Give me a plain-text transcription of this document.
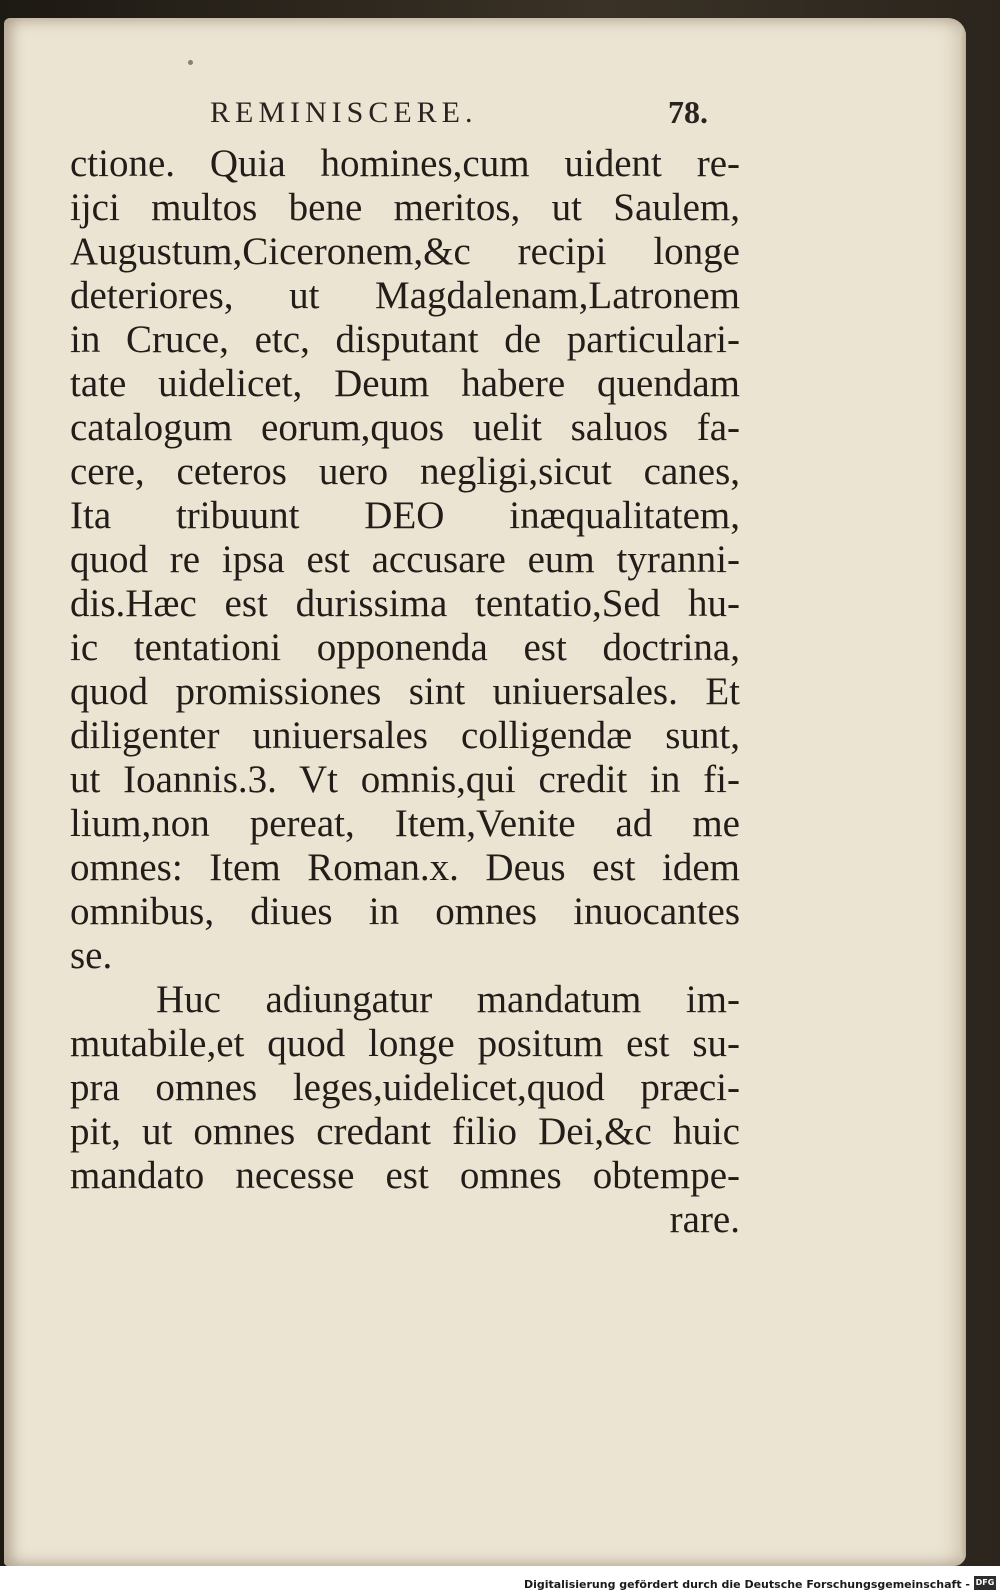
REMINISCERE.	78.
ctione. Quia homines,cum uident re-
ijci multos bene meritos, ut Saulem,
Augustum,Ciceronem,&c recipi longe
deteriores, ut Magdalenam,Latronem
in Cruce, etc, disputant de particulari-
tate uidelicet, Deum habere quendam
catalogum eorum,quos uelit saluos fa-
cere, ceteros uero negligi,sicut canes,
Ita tribuunt DEO inæqualitatem,
quod re ipsa est accusare eum tyranni-
dis.Hæc est durissima tentatio,Sed hu-
ic tentationi opponenda est doctrina,
quod promissiones sint uniuersales. Et
diligenter uniuersales colligendæ sunt,
ut Ioannis.3. Vt omnis,qui credit in fi-
lium,non pereat, Item,Venite ad me
omnes: Item Roman.x. Deus est idem
omnibus, diues in omnes inuocantes
se.
Huc adiungatur mandatum im-
mutabile,et quod longe positum est su-
pra omnes leges,uidelicet,quod præci-
pit, ut omnes credant filio Dei,&c huic
mandato necesse est omnes obtempe-
rare.
Digitalisierung gefördert durch die Deutsche Forschungsgemeinschaft - DFG
